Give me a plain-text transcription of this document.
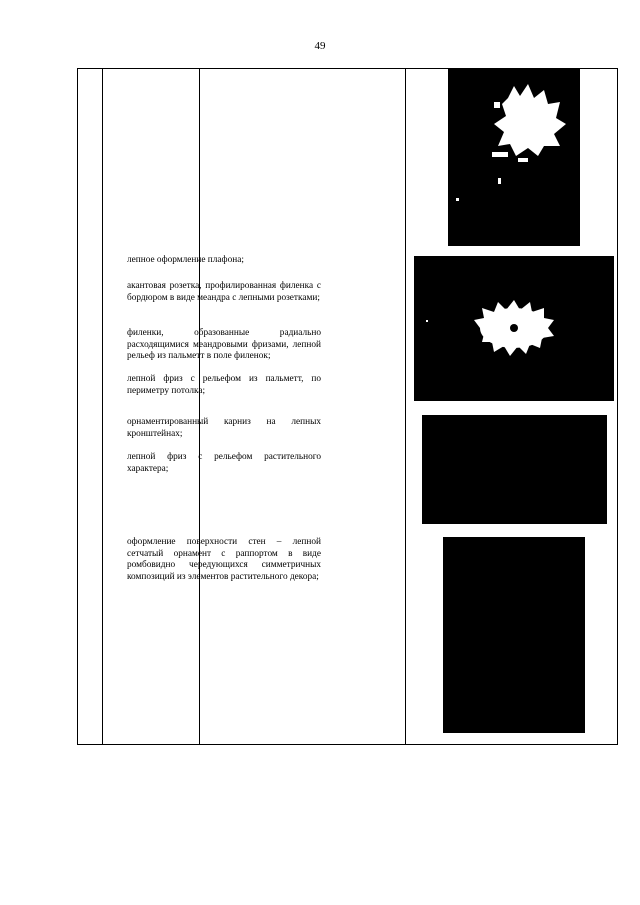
49
лепное оформление плафона;
акантовая розетка, профилированная филенка с бордюром в виде меандра с лепными розетками;
филенки, образованные радиально расходящимися меандровыми фризами, лепной рельеф из пальметт в поле филенок;
лепной фриз с рельефом из пальметт, по периметру потолка;
орнаментированный карниз на лепных кронштейнах;
лепной фриз с рельефом растительного характера;
оформление поверхности стен – лепной сетчатый орнамент с раппортом в виде ромбовидно чередующихся симметричных композиций из элементов растительного декора;
